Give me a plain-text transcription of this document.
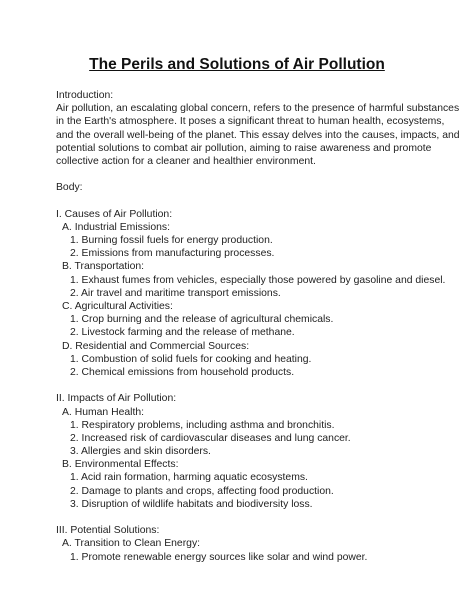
The Perils and Solutions of Air Pollution
Introduction:
Air pollution, an escalating global concern, refers to the presence of harmful substances
in the Earth's atmosphere. It poses a significant threat to human health, ecosystems,
and the overall well-being of the planet. This essay delves into the causes, impacts, and
potential solutions to combat air pollution, aiming to raise awareness and promote
collective action for a cleaner and healthier environment.
Body:
I. Causes of Air Pollution:
A. Industrial Emissions:
1. Burning fossil fuels for energy production.
2. Emissions from manufacturing processes.
B. Transportation:
1. Exhaust fumes from vehicles, especially those powered by gasoline and diesel.
2. Air travel and maritime transport emissions.
C. Agricultural Activities:
1. Crop burning and the release of agricultural chemicals.
2. Livestock farming and the release of methane.
D. Residential and Commercial Sources:
1. Combustion of solid fuels for cooking and heating.
2. Chemical emissions from household products.
II. Impacts of Air Pollution:
A. Human Health:
1. Respiratory problems, including asthma and bronchitis.
2. Increased risk of cardiovascular diseases and lung cancer.
3. Allergies and skin disorders.
B. Environmental Effects:
1. Acid rain formation, harming aquatic ecosystems.
2. Damage to plants and crops, affecting food production.
3. Disruption of wildlife habitats and biodiversity loss.
III. Potential Solutions:
A. Transition to Clean Energy:
1. Promote renewable energy sources like solar and wind power.
